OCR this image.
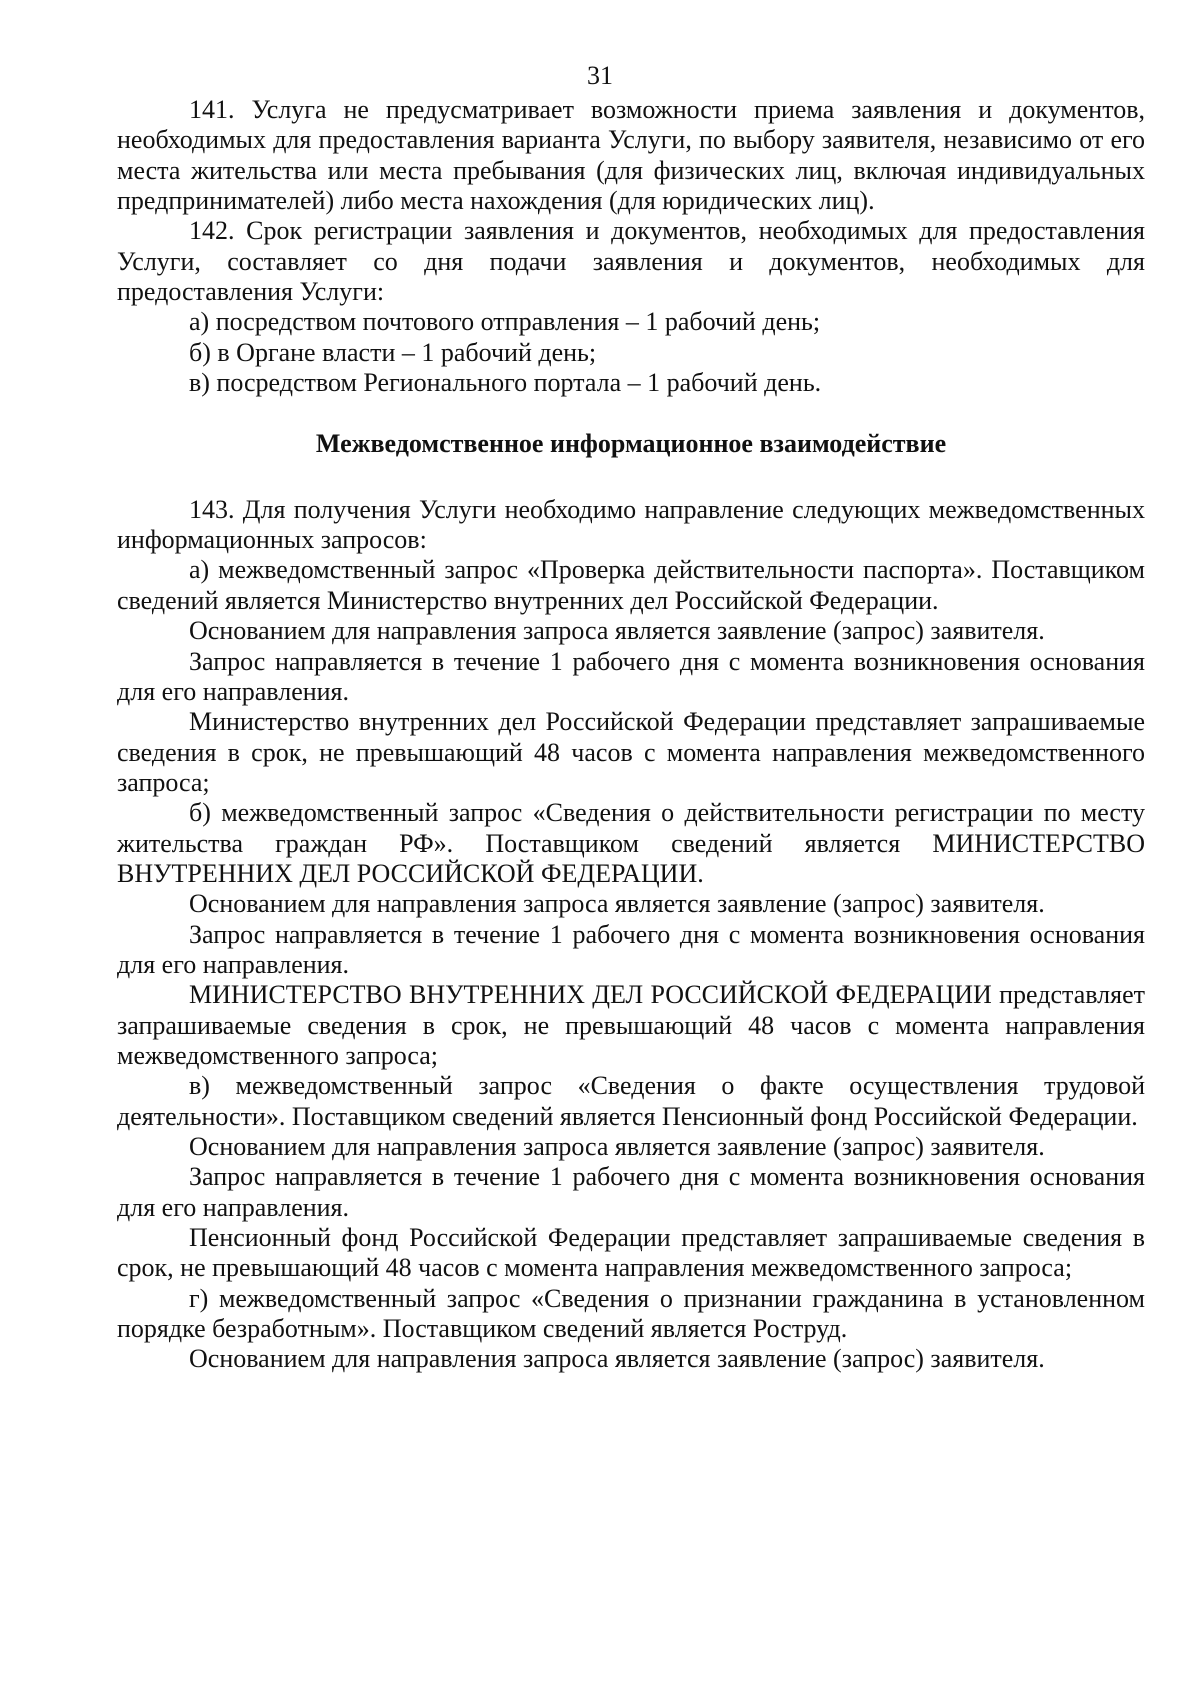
31

141. Услуга не предусматривает возможности приема заявления и документов, необходимых для предоставления варианта Услуги, по выбору заявителя, независимо от его места жительства или места пребывания (для физических лиц, включая индивидуальных предпринимателей) либо места нахождения (для юридических лиц).

142. Срок регистрации заявления и документов, необходимых для предоставления Услуги, составляет со дня подачи заявления и документов, необходимых для предоставления Услуги:

а) посредством почтового отправления – 1 рабочий день;

б) в Органе власти – 1 рабочий день;

в) посредством Регионального портала – 1 рабочий день.

Межведомственное информационное взаимодействие

143. Для получения Услуги необходимо направление следующих межведомственных информационных запросов:

а) межведомственный запрос «Проверка действительности паспорта». Поставщиком сведений является Министерство внутренних дел Российской Федерации.

Основанием для направления запроса является заявление (запрос) заявителя.

Запрос направляется в течение 1 рабочего дня с момента возникновения основания для его направления.

Министерство внутренних дел Российской Федерации представляет запрашиваемые сведения в срок, не превышающий 48 часов с момента направления межведомственного запроса;

б) межведомственный запрос «Сведения о действительности регистрации по месту жительства граждан РФ». Поставщиком сведений является МИНИСТЕРСТВО ВНУТРЕННИХ ДЕЛ РОССИЙСКОЙ ФЕДЕРАЦИИ.

Основанием для направления запроса является заявление (запрос) заявителя.

Запрос направляется в течение 1 рабочего дня с момента возникновения основания для его направления.

МИНИСТЕРСТВО ВНУТРЕННИХ ДЕЛ РОССИЙСКОЙ ФЕДЕРАЦИИ представляет запрашиваемые сведения в срок, не превышающий 48 часов с момента направления межведомственного запроса;

в) межведомственный запрос «Сведения о факте осуществления трудовой деятельности». Поставщиком сведений является Пенсионный фонд Российской Федерации.

Основанием для направления запроса является заявление (запрос) заявителя.

Запрос направляется в течение 1 рабочего дня с момента возникновения основания для его направления.

Пенсионный фонд Российской Федерации представляет запрашиваемые сведения в срок, не превышающий 48 часов с момента направления межведомственного запроса;

г) межведомственный запрос «Сведения о признании гражданина в установленном порядке безработным». Поставщиком сведений является Роструд.

Основанием для направления запроса является заявление (запрос) заявителя.
